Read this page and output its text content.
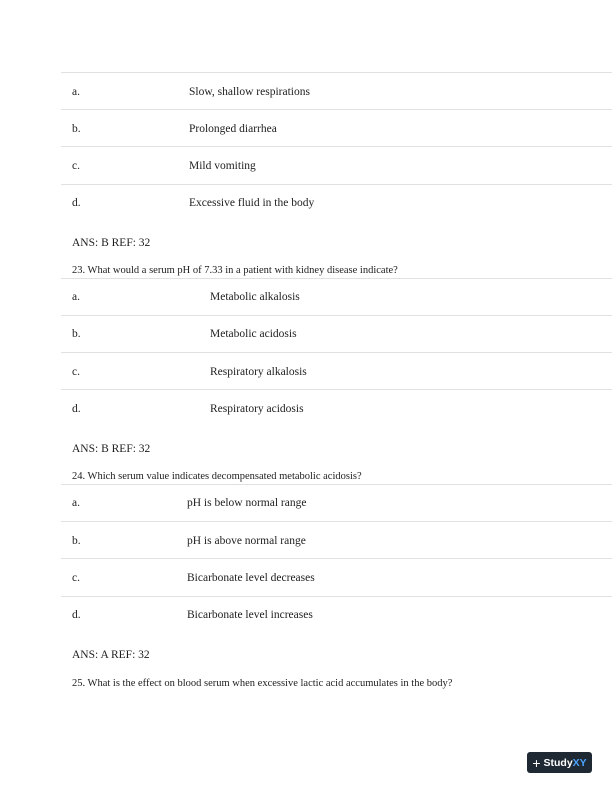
a.	Slow, shallow respirations
b.	Prolonged diarrhea
c.	Mild vomiting
d.	Excessive fluid in the body
ANS: B REF: 32
23. What would a serum pH of 7.33 in a patient with kidney disease indicate?
a.	Metabolic alkalosis
b.	Metabolic acidosis
c.	Respiratory alkalosis
d.	Respiratory acidosis
ANS: B REF: 32
24. Which serum value indicates decompensated metabolic acidosis?
a.	pH is below normal range
b.	pH is above normal range
c.	Bicarbonate level decreases
d.	Bicarbonate level increases
ANS: A REF: 32
25. What is the effect on blood serum when excessive lactic acid accumulates in the body?
+ Study XY
